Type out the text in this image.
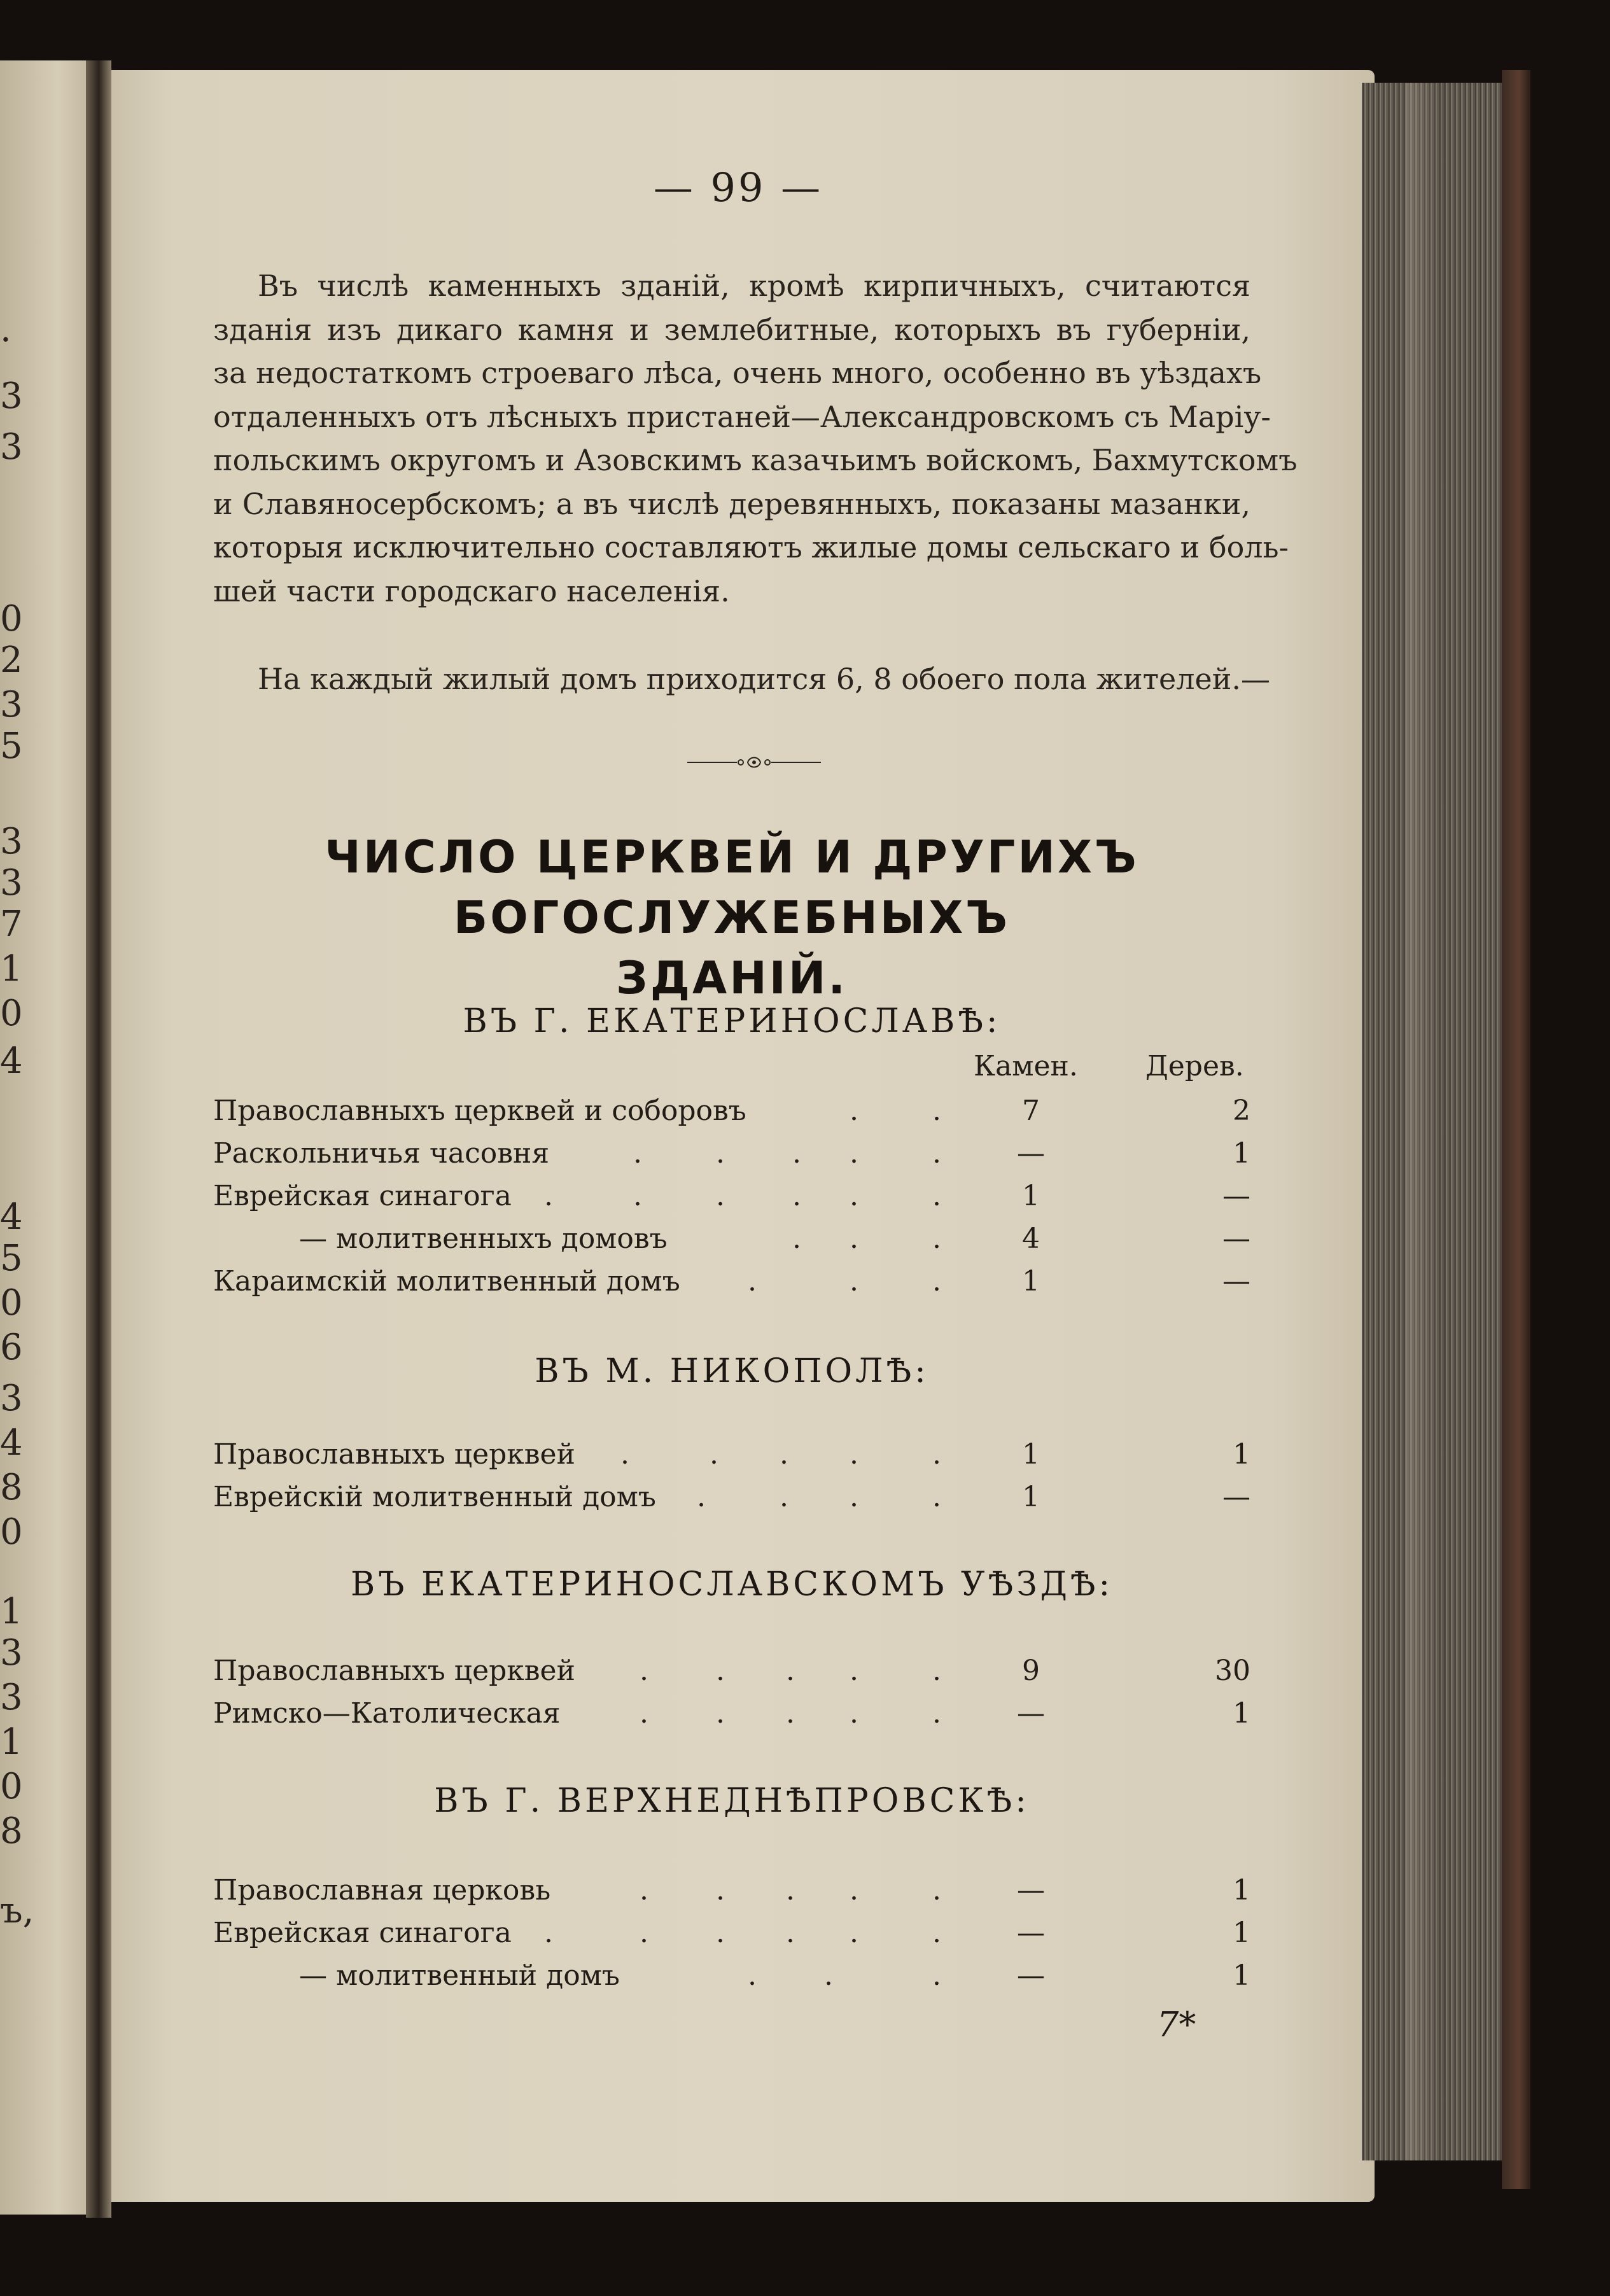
.
3
3
0
2
3
5
3
3
7
1
0
4
4
5
0
6
3
4
8
0
1
3
3
1
0
8
ъ,
— 99 —
Въ числѣ каменныхъ зданій, кромѣ кирпичныхъ, считаются
зданія изъ дикаго камня и землебитные, которыхъ въ губерніи,
за недостаткомъ строеваго лѣса, очень много, особенно въ уѣздахъ
отдаленныхъ отъ лѣсныхъ пристаней—Александровскомъ съ Маріу-
польскимъ округомъ и Азовскимъ казачьимъ войскомъ, Бахмутскомъ
и Славяносербскомъ; а въ числѣ деревянныхъ, показаны мазанки,
которыя исключительно составляютъ жилые домы сельскаго и боль-
шей части городскаго населенія.
На каждый жилый домъ приходится 6, 8 обоего пола жителей.—
ЧИСЛО ЦЕРКВЕЙ И ДРУГИХЪ БОГОСЛУЖЕБНЫХЪ
ЗДАНІЙ.
ВЪ Г. ЕКАТЕРИНОСЛАВѢ:
Камен. Дерев.
Православныхъ церквей и соборовъ	.	.	7	2
Раскольничья часовня	.	. . .	.	—	1
Еврейская синагога .	.	. . .	.	1	—
— молитвенныхъ домовъ	. .	.	4	—
Караимскій молитвенный домъ .	.	.	1	—
ВЪ М. НИКОПОЛѢ:
Православныхъ церквей .	. . .	.	1	1
Еврейскій молитвенный домъ .	. .	.	1	—
ВЪ ЕКАТЕРИНОСЛАВСКОМЪ УѢЗДѢ:
Православныхъ церквей . . . .	.	9	30
Римско—Католическая	. . . .	.	—	1
ВЪ Г. ВЕРХНЕДНѢПРОВСКѢ:
Православная церковь	. . . .	.	—	1
Еврейская синагога .	. . . .	.	—	1
— молитвенный домъ	. .	.	—	1
7*
